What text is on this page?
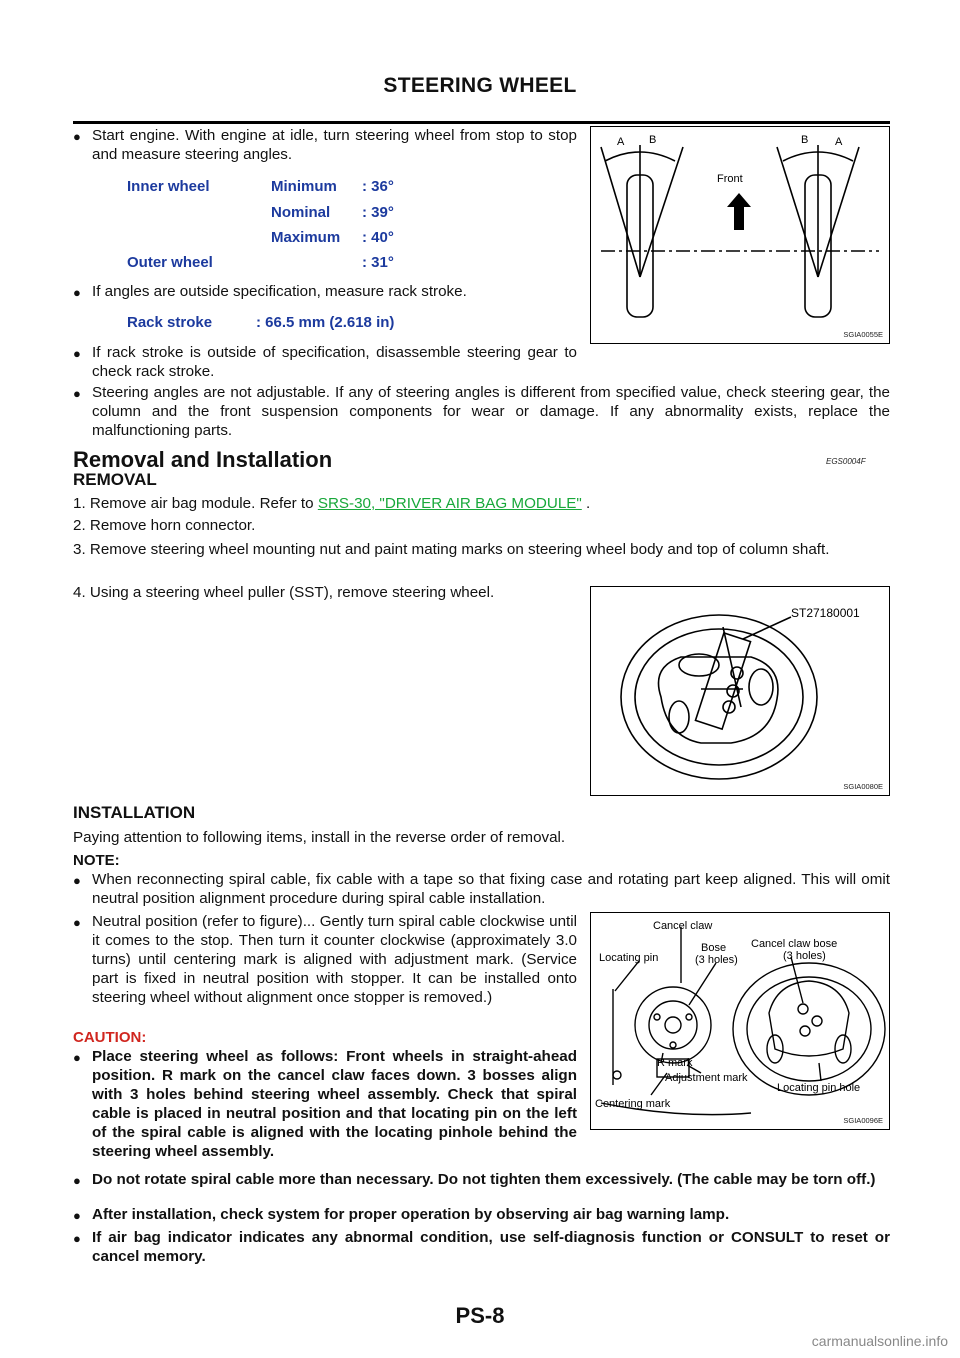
STEERING WHEEL
● Start engine. With engine at idle, turn steering wheel from stop to stop and measure steering angles.
Inner wheel	Minimum : 36°
Nominal : 39°
Maximum : 40°
Outer wheel	: 31°
● If angles are outside specification, measure rack stroke.
Rack stroke	: 66.5 mm (2.618 in)
● If rack stroke is outside of specification, disassemble steering gear to check rack stroke.
● Steering angles are not adjustable. If any of steering angles is different from specified value, check steering gear, the column and the front suspension components for wear or damage. If any abnormality exists, replace the malfunctioning parts.
A B	B A
Front
SGIA0055E
Removal and Installation	EGS0004F
REMOVAL
1. Remove air bag module. Refer to SRS-30, "DRIVER AIR BAG MODULE" .
2. Remove horn connector.
3. Remove steering wheel mounting nut and paint mating marks on steering wheel body and top of column shaft.
4. Using a steering wheel puller (SST), remove steering wheel.
ST27180001
SGIA0080E
INSTALLATION
Paying attention to following items, install in the reverse order of removal.
NOTE:
● When reconnecting spiral cable, fix cable with a tape so that fixing case and rotating part keep aligned. This will omit neutral position alignment procedure during spiral cable installation.
● Neutral position (refer to figure)... Gently turn spiral cable clockwise until it comes to the stop. Then turn it counter clockwise (approximately 3.0 turns) until centering mark is aligned with adjustment mark. (Service part is fixed in neutral position with stopper. It can be installed onto steering wheel without alignment once stopper is removed.)
CAUTION:
● Place steering wheel as follows: Front wheels in straight-ahead position. R mark on the cancel claw faces down. 3 bosses align with 3 holes behind steering wheel assembly. Check that spiral cable is placed in neutral position and that locating pin on the left of the spiral cable is aligned with the locating pinhole behind the steering wheel assembly.
● Do not rotate spiral cable more than necessary. Do not tighten them excessively. (The cable may be torn off.)
● After installation, check system for proper operation by observing air bag warning lamp.
● If air bag indicator indicates any abnormal condition, use self-diagnosis function or CONSULT to reset or cancel memory.
Cancel claw
Locating pin
Bose
(3 holes)
Cancel claw bose
(3 holes)
R mark
Adjustment mark
Locating pin hole
Centering mark
SGIA0096E
PS-8
carmanualsonline.info
